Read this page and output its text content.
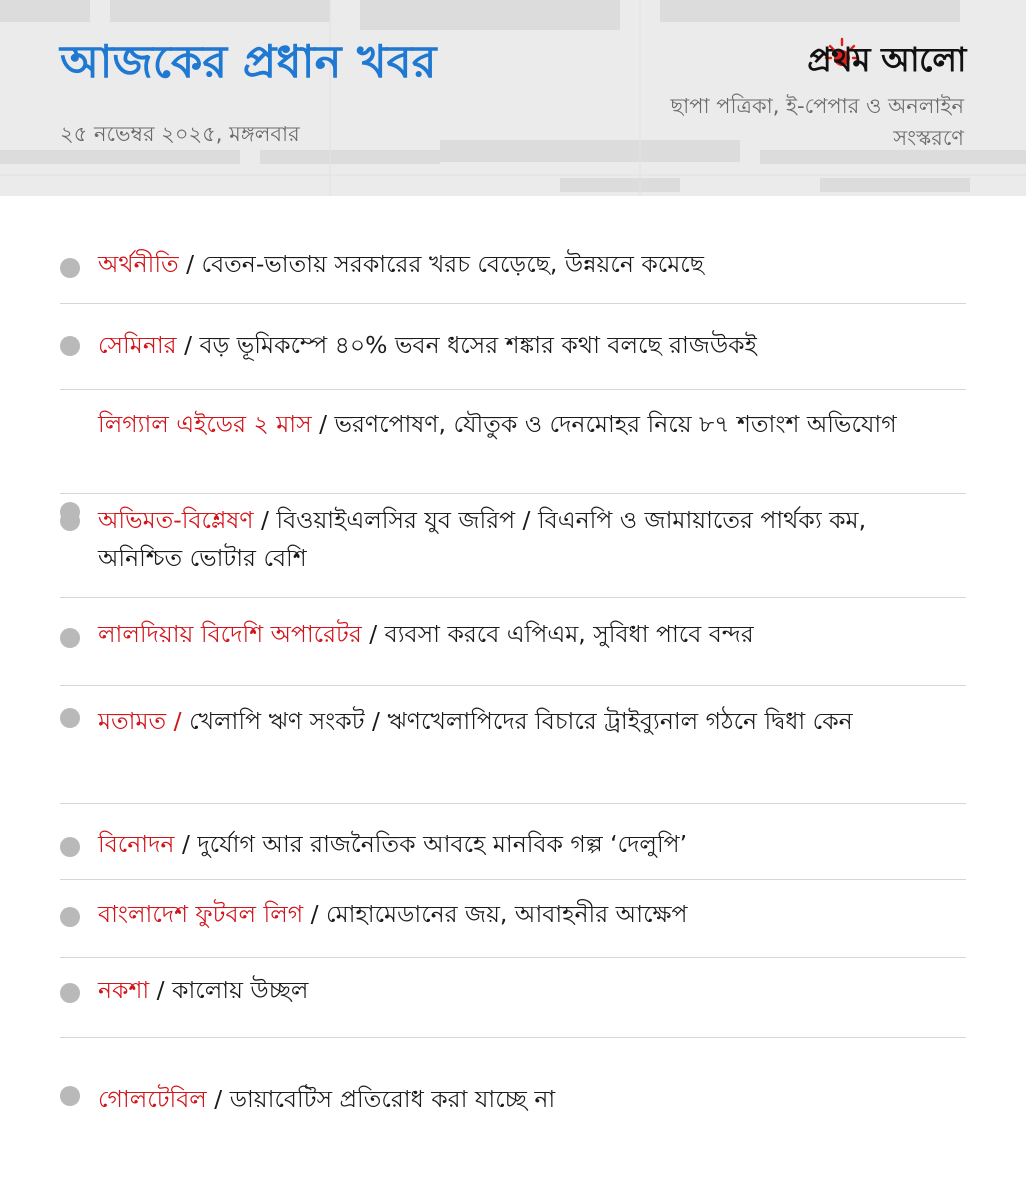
আজকের প্রধান খবর
২৫ নভেম্বর ২০২৫, মঙ্গলবার
প্রথম আলো
ছাপা পত্রিকা, ই-পেপার ও অনলাইন সংস্করণে
অর্থনীতি / বেতন-ভাতায় সরকারের খরচ বেড়েছে, উন্নয়নে কমেছে
সেমিনার / বড় ভূমিকম্পে ৪০% ভবন ধসের শঙ্কার কথা বলছে রাজউকই
লিগ্যাল এইডের ২ মাস / ভরণপোষণ, যৌতুক ও দেনমোহর নিয়ে ৮৭ শতাংশ অভিযোগ
অভিমত-বিশ্লেষণ / বিওয়াইএলসির যুব জরিপ / বিএনপি ও জামায়াতের পার্থক্য কম, অনিশ্চিত ভোটার বেশি
লালদিয়ায় বিদেশি অপারেটর / ব্যবসা করবে এপিএম, সুবিধা পাবে বন্দর
মতামত / খেলাপি ঋণ সংকট / ঋণখেলাপিদের বিচারে ট্রাইব্যুনাল গঠনে দ্বিধা কেন
বিনোদন / দুর্যোগ আর রাজনৈতিক আবহে মানবিক গল্প ‘দেলুপি’
বাংলাদেশ ফুটবল লিগ / মোহামেডানের জয়, আবাহনীর আক্ষেপ
নকশা / কালোয় উচ্ছল
গোলটেবিল / ডায়াবেটিস প্রতিরোধ করা যাচ্ছে না
